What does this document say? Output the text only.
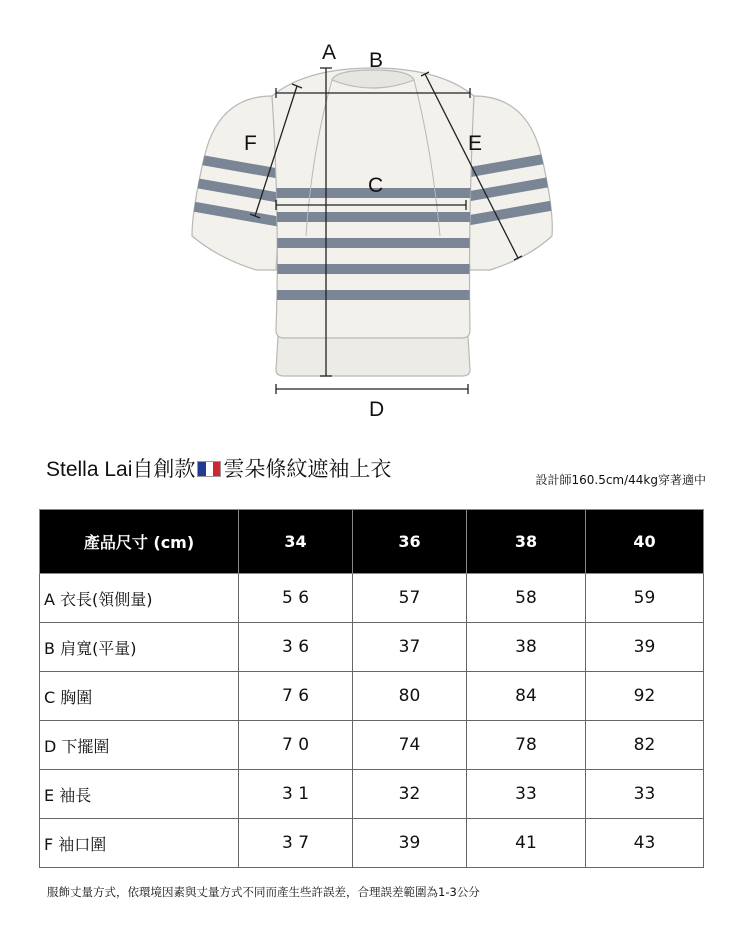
A B
C
D
E
F
Stella Lai自創款 雲朵條紋遮袖上衣	設計師160.5cm/44kg穿著適中
產品尺寸 (cm)	34	36	38	40
A 衣長(領側量)	5 6	57	58	59
B 肩寬(平量)	3 6	37	38	39
C 胸圍	7 6	80	84	92
D 下擺圍	7 0	74	78	82
E 袖長	3 1	32	33	33
F 袖口圍	3 7	39	41	43
服飾丈量方式，依環境因素與丈量方式不同而產生些許誤差，合理誤差範圍為1-3公分
